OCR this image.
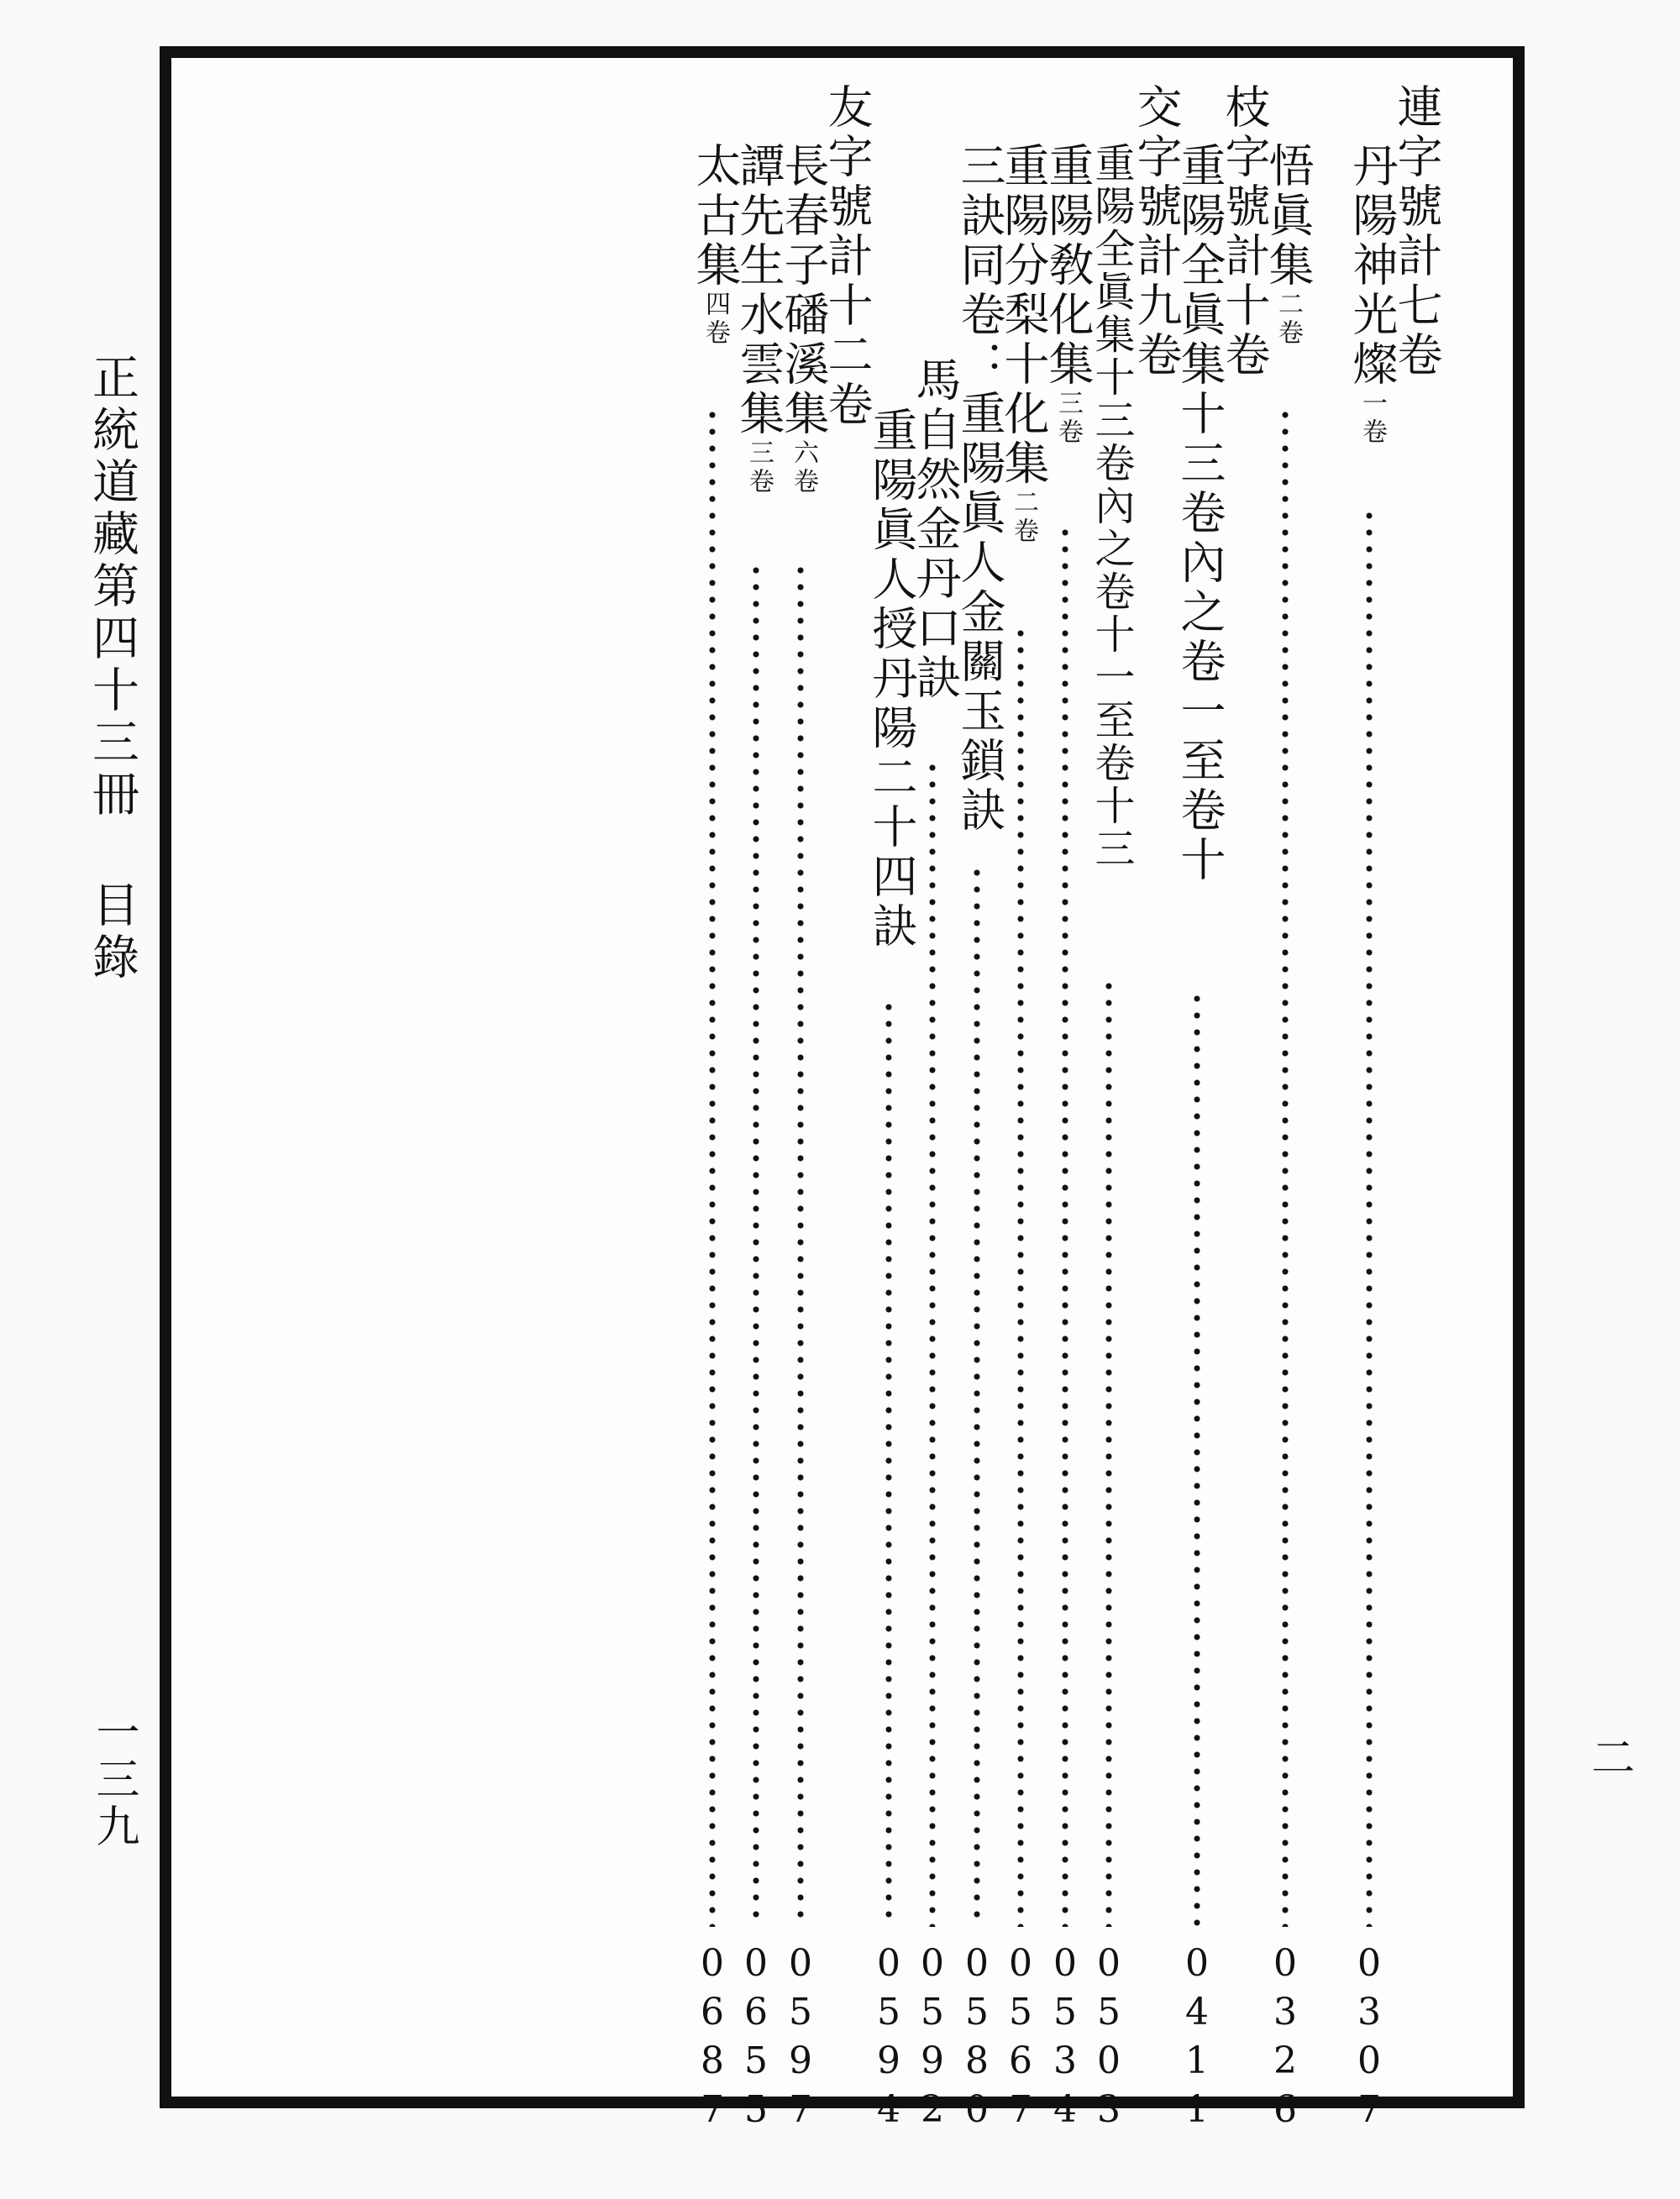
正統道藏第四十三冊目錄
一三九	二
連字號計七卷
丹陽神光燦一卷
0
3
0
7
悟眞集二卷
0
3
2
6
枝字號計十卷
重陽全眞集十三卷內之卷一至卷十
0
4
1
1
交字號計九卷
重陽全眞集十三卷內之卷十一至卷十三
0
5
0
3
重陽敎化集三卷
0
5
3
4
重陽分梨十化集二卷
0
5
6
7
三訣同卷：重陽眞人金關玉鎖訣
0
5
8
0
馬自然金丹口訣
0
5
9
2
重陽眞人授丹陽二十四訣
0
5
9
4
友字號計十二卷
長春子磻溪集六卷
0
5
9
7
譚先生水雲集三卷
0
6
5
5
太古集四卷
0
6
8
7
